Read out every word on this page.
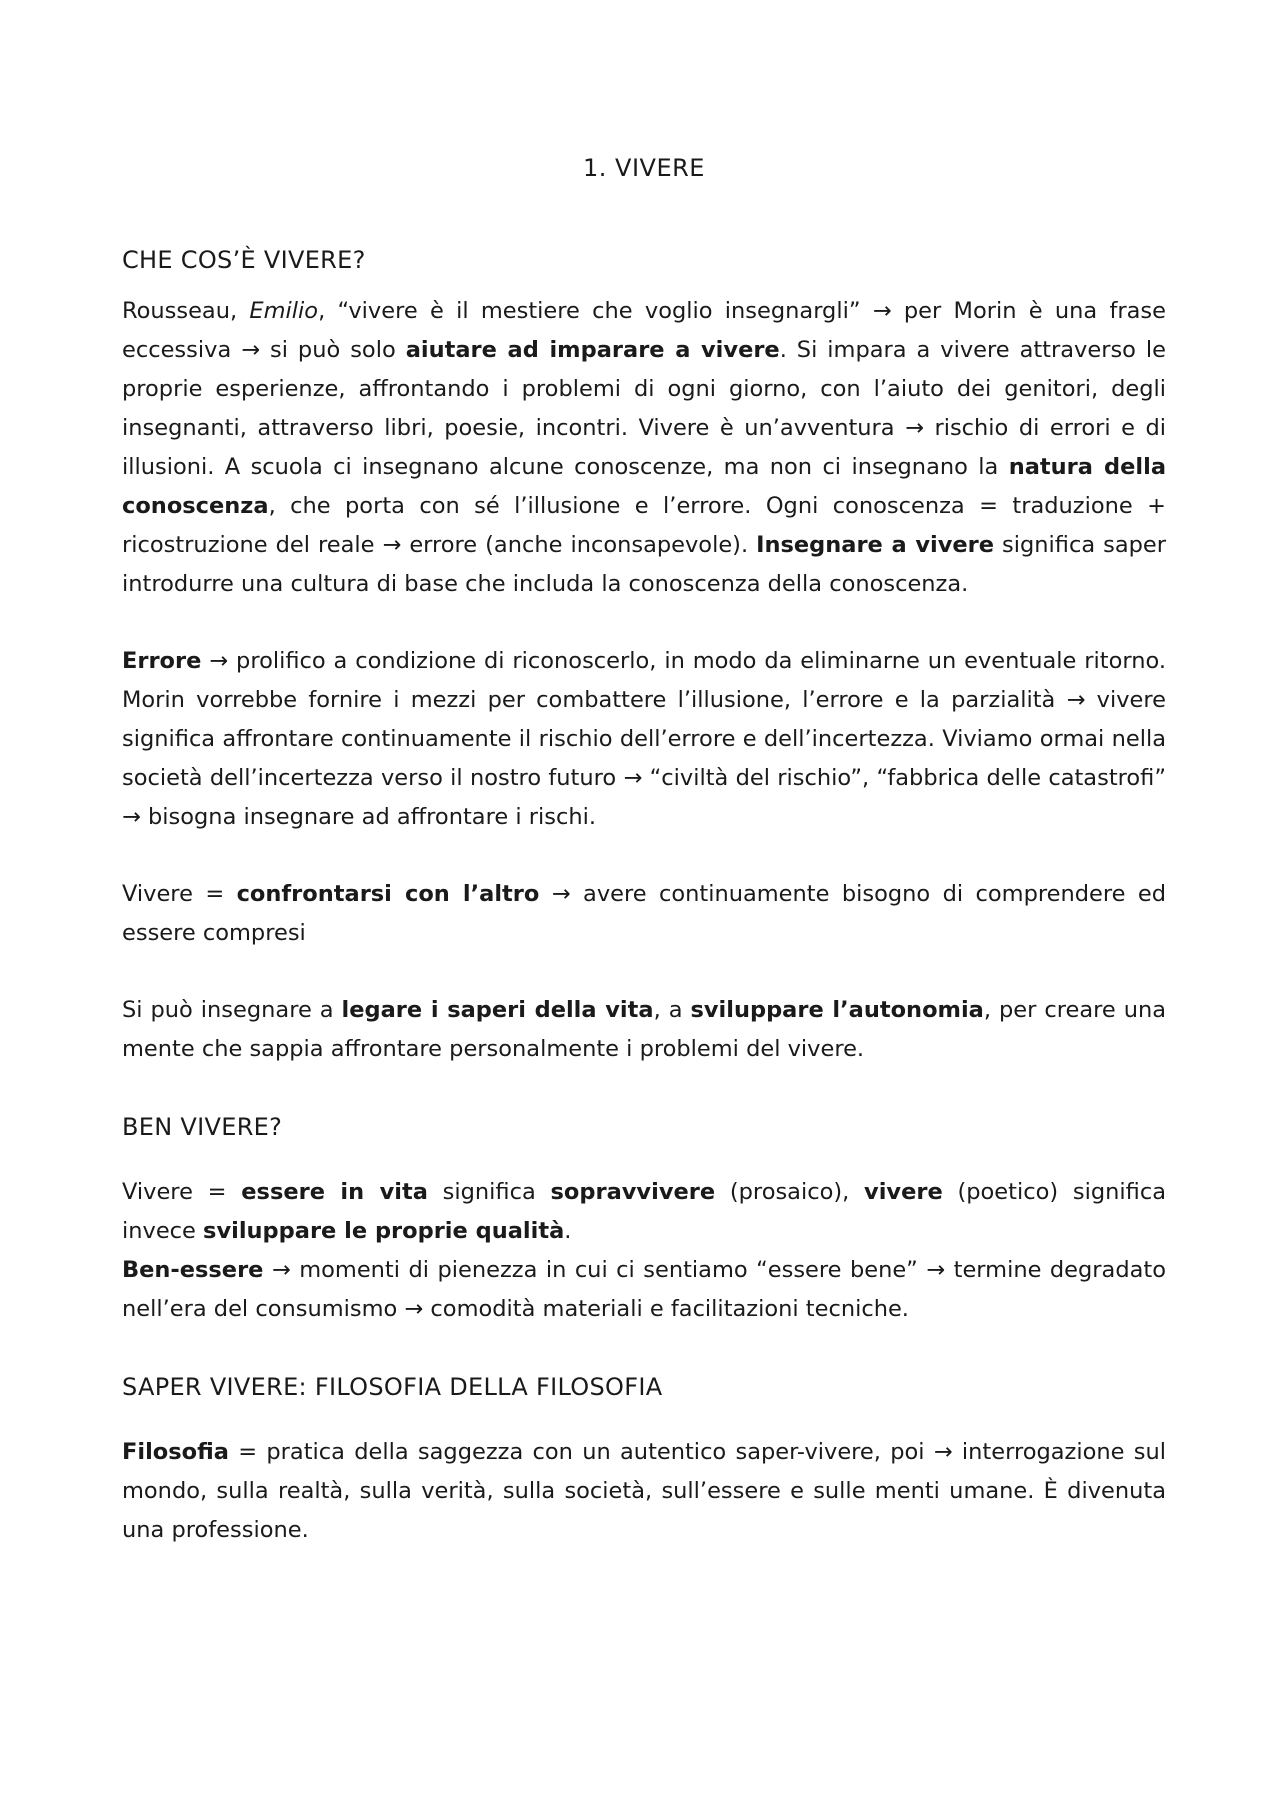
1. VIVERE
CHE COS’È VIVERE?

Rousseau, Emilio, “vivere è il mestiere che voglio insegnargli” → per Morin è una frase eccessiva → si può solo aiutare ad imparare a vivere. Si impara a vivere attraverso le proprie esperienze, affrontando i problemi di ogni giorno, con l’aiuto dei genitori, degli insegnanti, attraverso libri, poesie, incontri. Vivere è un’avventura → rischio di errori e di illusioni. A scuola ci insegnano alcune conoscenze, ma non ci insegnano la natura della conoscenza, che porta con sé l’illusione e l’errore. Ogni conoscenza = traduzione + ricostruzione del reale → errore (anche inconsapevole). Insegnare a vivere significa saper introdurre una cultura di base che includa la conoscenza della conoscenza.

Errore → prolifico a condizione di riconoscerlo, in modo da eliminarne un eventuale ritorno. Morin vorrebbe fornire i mezzi per combattere l’illusione, l’errore e la parzialità → vivere significa affrontare continuamente il rischio dell’errore e dell’incertezza. Viviamo ormai nella società dell’incertezza verso il nostro futuro → “civiltà del rischio”, “fabbrica delle catastrofi” → bisogna insegnare ad affrontare i rischi.

Vivere = confrontarsi con l’altro → avere continuamente bisogno di comprendere ed essere compresi

Si può insegnare a legare i saperi della vita, a sviluppare l’autonomia, per creare una mente che sappia affrontare personalmente i problemi del vivere.

BEN VIVERE?

Vivere = essere in vita significa sopravvivere (prosaico), vivere (poetico) significa invece sviluppare le proprie qualità.

Ben-essere → momenti di pienezza in cui ci sentiamo “essere bene” → termine degradato nell’era del consumismo → comodità materiali e facilitazioni tecniche.

SAPER VIVERE: FILOSOFIA DELLA FILOSOFIA

Filosofia = pratica della saggezza con un autentico saper-vivere, poi → interrogazione sul mondo, sulla realtà, sulla verità, sulla società, sull’essere e sulle menti umane. È divenuta una professione.
